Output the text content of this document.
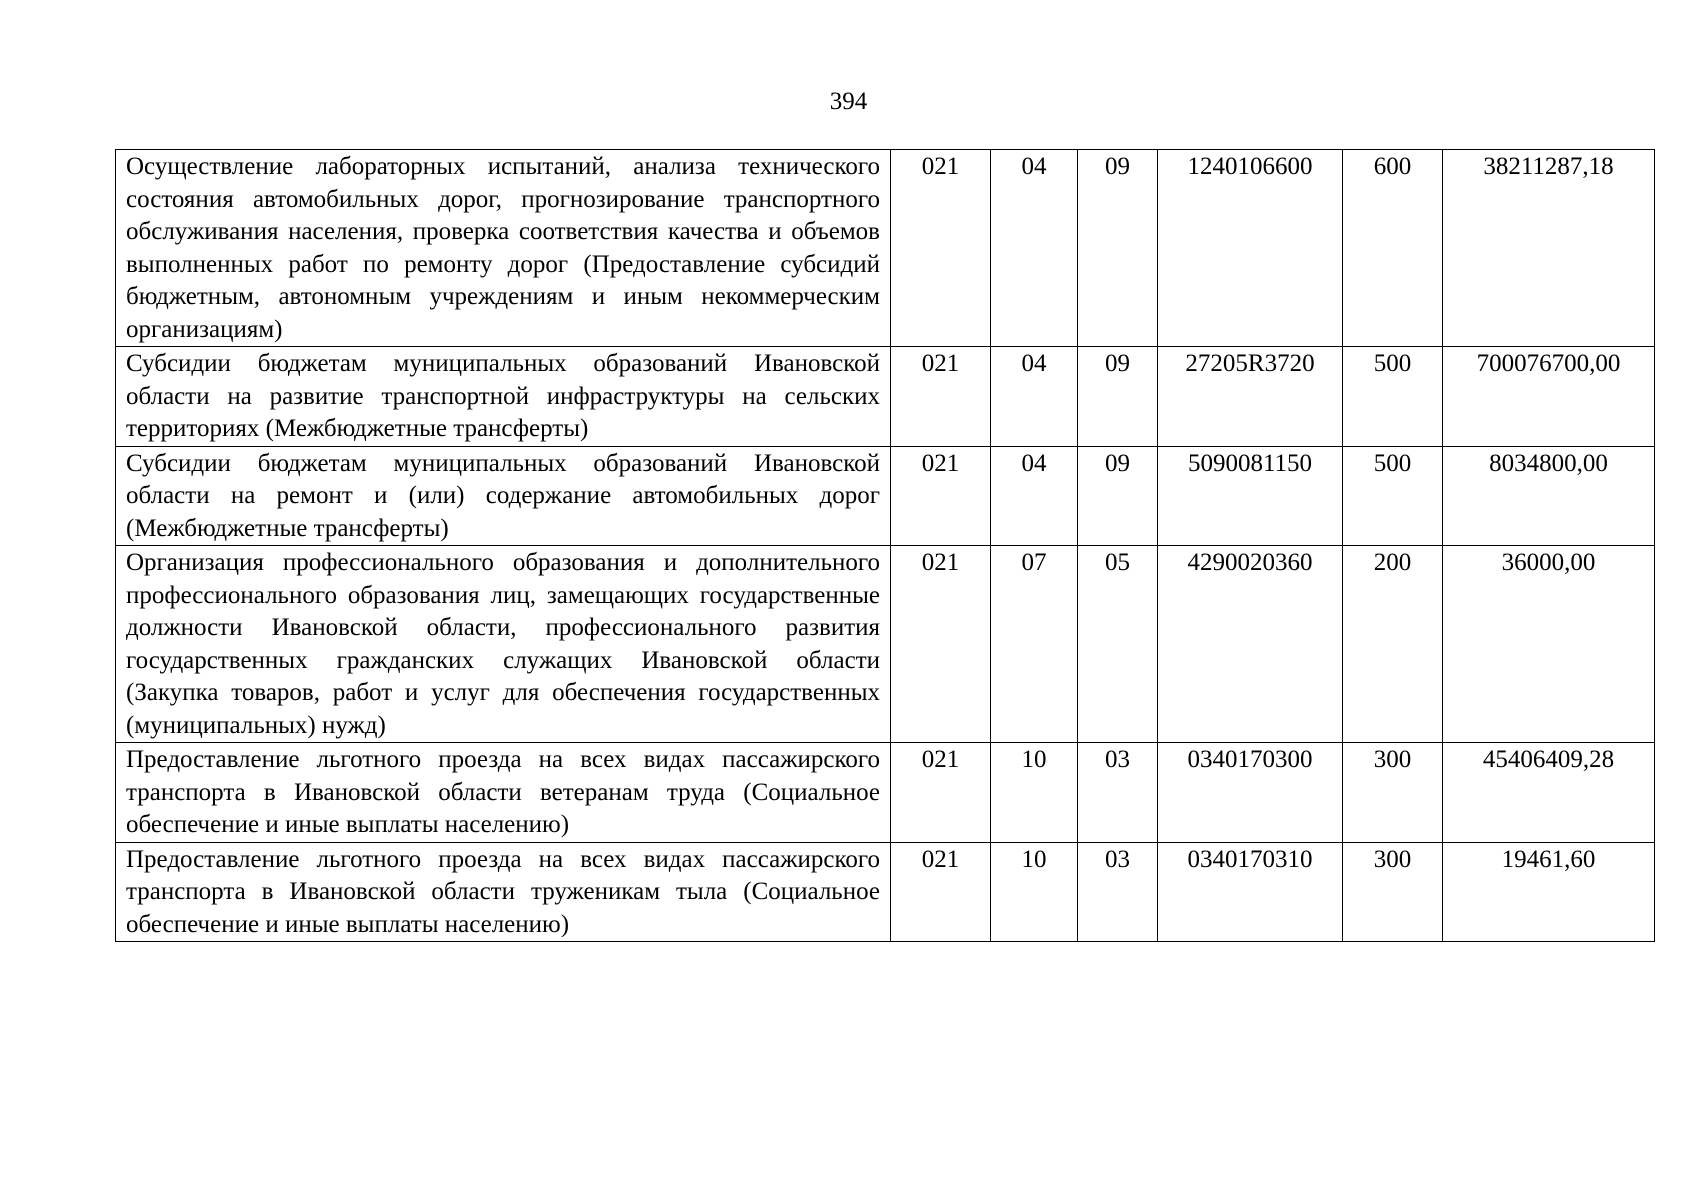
394
Осуществление лабораторных испытаний, анализа технического состояния автомобильных дорог, прогнозирование транспортного обслуживания населения, проверка соответствия качества и объемов выполненных работ по ремонту дорог (Предоставление субсидий бюджетным, автономным учреждениям и иным некоммерческим организациям)	021	04	09	1240106600	600	38211287,18
Субсидии бюджетам муниципальных образований Ивановской области на развитие транспортной инфраструктуры на сельских территориях (Межбюджетные трансферты)	021	04	09	27205R3720	500	700076700,00
Субсидии бюджетам муниципальных образований Ивановской области на ремонт и (или) содержание автомобильных дорог (Межбюджетные трансферты)	021	04	09	5090081150	500	8034800,00
Организация профессионального образования и дополнительного профессионального образования лиц, замещающих государственные должности Ивановской области, профессионального развития государственных гражданских служащих Ивановской области (Закупка товаров, работ и услуг для обеспечения государственных (муниципальных) нужд)	021	07	05	4290020360	200	36000,00
Предоставление льготного проезда на всех видах пассажирского транспорта в Ивановской области ветеранам труда (Социальное обеспечение и иные выплаты населению)	021	10	03	0340170300	300	45406409,28
Предоставление льготного проезда на всех видах пассажирского транспорта в Ивановской области труженикам тыла (Социальное обеспечение и иные выплаты населению)	021	10	03	0340170310	300	19461,60
